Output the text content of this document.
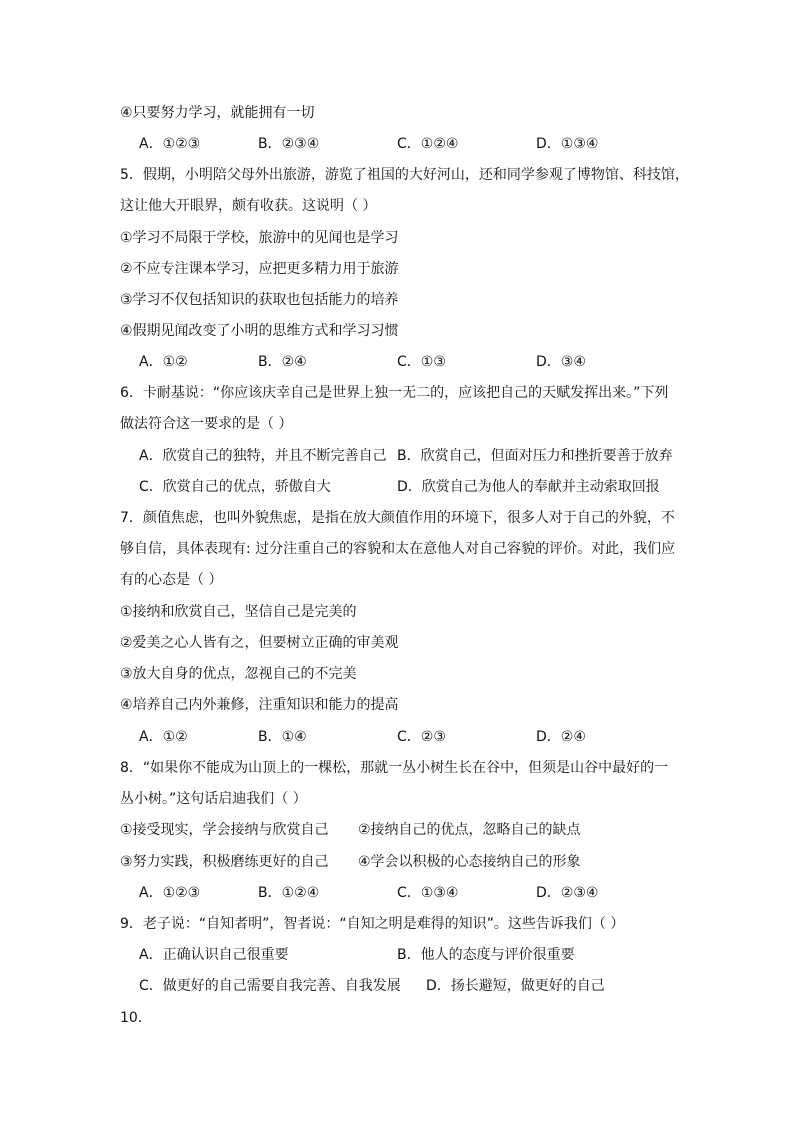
④只要努力学习，就能拥有一切
A．①②③	B．②③④	C．①②④	D．①③④
5．假期，小明陪父母外出旅游，游览了祖国的大好河山，还和同学参观了博物馆、科技馆，
这让他大开眼界，颇有收获。这说明（ ）
①学习不局限于学校，旅游中的见闻也是学习
②不应专注课本学习，应把更多精力用于旅游
③学习不仅包括知识的获取也包括能力的培养
④假期见闻改变了小明的思维方式和学习习惯
A．①②	B．②④	C．①③	D．③④
6．卡耐基说：“你应该庆幸自己是世界上独一无二的，应该把自己的天赋发挥出来。”下列
做法符合这一要求的是（ ）
A．欣赏自己的独特，并且不断完善自己 B．欣赏自己，但面对压力和挫折要善于放弃
C．欣赏自己的优点，骄傲自大	D．欣赏自己为他人的奉献并主动索取回报
7．颜值焦虑，也叫外貌焦虑，是指在放大颜值作用的环境下，很多人对于自己的外貌，不
够自信，具体表现有: 过分注重自己的容貌和太在意他人对自己容貌的评价。对此，我们应
有的心态是（ ）
①接纳和欣赏自己，坚信自己是完美的
②爱美之心人皆有之，但要树立正确的审美观
③放大自身的优点，忽视自己的不完美
④培养自己内外兼修，注重知识和能力的提高
A．①②	B．①④	C．②③	D．②④
8．“如果你不能成为山顶上的一棵松，那就一丛小树生长在谷中，但须是山谷中最好的一
丛小树。”这句话启迪我们（ ）
①接受现实，学会接纳与欣赏自己 ②接纳自己的优点，忽略自己的缺点
③努力实践，积极磨练更好的自己 ④学会以积极的心态接纳自己的形象
A．①②③	B．①②④	C．①③④	D．②③④
9．老子说：“自知者明”，智者说：“自知之明是难得的知识”。这些告诉我们（ ）
A．正确认识自己很重要	B．他人的态度与评价很重要
C．做更好的自己需要自我完善、自我发展 D．扬长避短，做更好的自己
10．
